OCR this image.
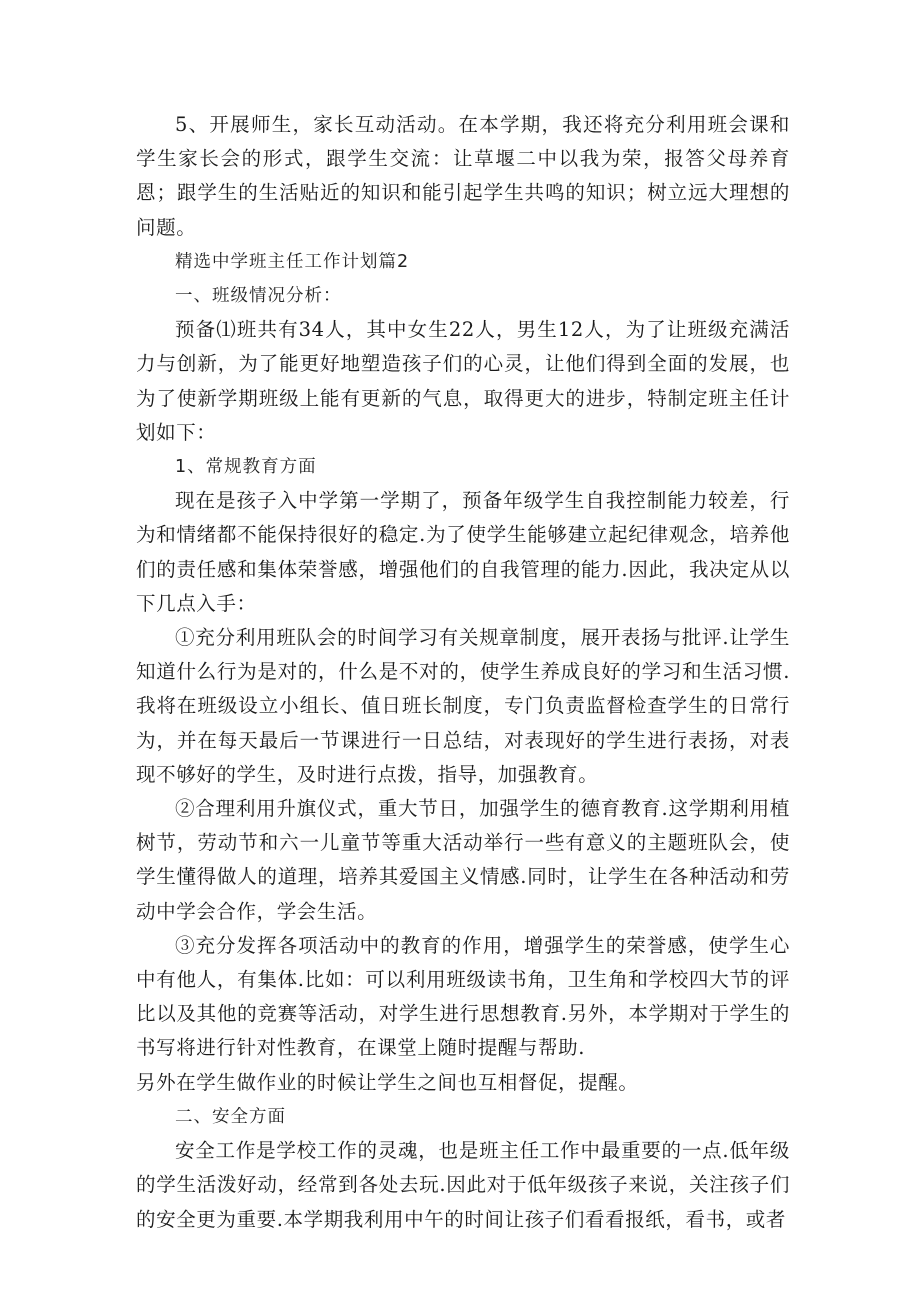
5、开展师生，家长互动活动。在本学期，我还将充分利用班会课和学生家长会的形式，跟学生交流：让草堰二中以我为荣，报答父母养育恩；跟学生的生活贴近的知识和能引起学生共鸣的知识；树立远大理想的问题。

精选中学班主任工作计划篇2

一、班级情况分析：

预备⑴班共有34人，其中女生22人，男生12人，为了让班级充满活力与创新，为了能更好地塑造孩子们的心灵，让他们得到全面的发展，也为了使新学期班级上能有更新的气息，取得更大的进步，特制定班主任计划如下：

1、常规教育方面

现在是孩子入中学第一学期了，预备年级学生自我控制能力较差，行为和情绪都不能保持很好的稳定.为了使学生能够建立起纪律观念，培养他们的责任感和集体荣誉感，增强他们的自我管理的能力.因此，我决定从以下几点入手：

①充分利用班队会的时间学习有关规章制度，展开表扬与批评.让学生知道什么行为是对的，什么是不对的，使学生养成良好的学习和生活习惯.我将在班级设立小组长、值日班长制度，专门负责监督检查学生的日常行为，并在每天最后一节课进行一日总结，对表现好的学生进行表扬，对表现不够好的学生，及时进行点拨，指导，加强教育。

②合理利用升旗仪式，重大节日，加强学生的德育教育.这学期利用植树节，劳动节和六一儿童节等重大活动举行一些有意义的主题班队会，使学生懂得做人的道理，培养其爱国主义情感.同时，让学生在各种活动和劳动中学会合作，学会生活。

③充分发挥各项活动中的教育的作用，增强学生的荣誉感，使学生心中有他人，有集体.比如：可以利用班级读书角，卫生角和学校四大节的评比以及其他的竞赛等活动，对学生进行思想教育.另外，本学期对于学生的书写将进行针对性教育，在课堂上随时提醒与帮助.

另外在学生做作业的时候让学生之间也互相督促，提醒。

二、安全方面

安全工作是学校工作的灵魂，也是班主任工作中最重要的一点.低年级的学生活泼好动，经常到各处去玩.因此对于低年级孩子来说，关注孩子们的安全更为重要.本学期我利用中午的时间让孩子们看看报纸，看书，或者
